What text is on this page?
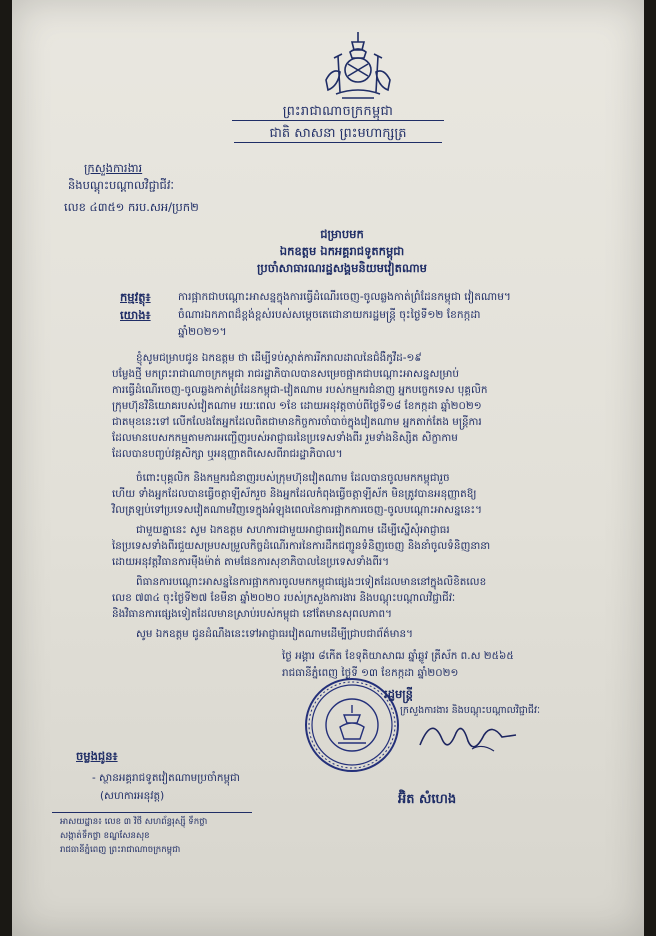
ព្រះរាជាណាចក្រកម្ពុជា
ជាតិ សាសនា ព្រះមហាក្សត្រ
ក្រសួងការងារ
និងបណ្តុះបណ្តាលវិជ្ជាជីវៈ
លេខ ៤៣៥១ ករប.សអ/ប្រក២
ជម្រាបមក
ឯកឧត្តម ឯកអគ្គរាជទូតកម្ពុជា
ប្រចាំសាធារណរដ្ឋសង្គមនិយមវៀតណាម
កម្មវត្ថុ៖	ការផ្អាកជាបណ្តោះអាសន្នក្នុងការធ្វើដំណើរចេញ-ចូលឆ្លងកាត់ព្រំដែនកម្ពុជា វៀតណាម។
យោង៖	ចំណារឯកភាពដ៏ខ្ពង់ខ្ពស់របស់សម្តេចតេជោនាយករដ្ឋមន្ត្រី ចុះថ្ងៃទី១២ ខែកក្កដា
ឆ្នាំ២០២១។
ខ្ញុំសូមជម្រាបជូន ឯកឧត្តម ថា ដើម្បីទប់ស្កាត់ការរីករាលដាលនៃជំងឺកូវីដ-១៩
បម្លែងថ្មី មកព្រះរាជាណាចក្រកម្ពុជា រាជរដ្ឋាភិបាលបានសម្រេចផ្អាកជាបណ្តោះអាសន្នសម្រាប់
ការធ្វើដំណើរចេញ-ចូលឆ្លងកាត់ព្រំដែនកម្ពុជា-វៀតណាម របស់កម្មករជំនាញ អ្នកបច្ចេកទេស បុគ្គលិក
ក្រុមហ៊ុនវិនិយោគរបស់វៀតណាម រយៈពេល ១ខែ ដោយអនុវត្តចាប់ពីថ្ងៃទី១៨ ខែកក្កដា ឆ្នាំ២០២១
ជាតមុខនេះទៅ លើកលែងតែអ្នកដែលពិតជាមានកិច្ចការចាំបាច់ក្នុងវៀតណាម អ្នកតាក់តែង មន្ត្រីការ
ដែលមានបេសកកម្មតាមការអញ្ជើញរបស់អាជ្ញាធរនៃប្រទេសទាំងពីរ រួមទាំងនិស្សិត សិក្ខាកាម
ដែលបានបញ្ចប់វគ្គសិក្សា ឬអនុញ្ញាតពិសេសពីរាជរដ្ឋាភិបាល។
ចំពោះបុគ្គលិក និងកម្មករជំនាញរបស់ក្រុមហ៊ុនវៀតណាម ដែលបានចូលមកកម្ពុជារួច
ហើយ ទាំងអ្នកដែលបានធ្វើចត្តាឡីស័ករួច និងអ្នកដែលកំពុងធ្វើចត្តាឡីស័ក មិនត្រូវបានអនុញ្ញាតឱ្យ
វិលត្រឡប់ទៅប្រទេសវៀតណាមវិញទេក្នុងអំឡុងពេលនៃការផ្អាកការចេញ-ចូលបណ្តោះអាសន្ននេះ។
ជាមួយគ្នានេះ សូម ឯកឧត្តម សហការជាមួយអាជ្ញាធរវៀតណាម ដើម្បីស្នើសុំអាជ្ញាធរ
នៃប្រទេសទាំងពីរជួយសម្របសម្រួលកិច្ចដំណើរការនៃការដឹកជញ្ជូនទំនិញចេញ និងនាំចូលទំនិញនានា
ដោយអនុវត្តវិធានការម៉ឺងម៉ាត់ តាមផែនការសុខាភិបាលនៃប្រទេសទាំងពីរ។
ពិធានការបណ្តោះអាសន្ននៃការផ្អាកការចូលមកកម្ពុជាផ្សេងៗទៀតដែលមាននៅក្នុងលិខិតលេខ
លេខ ៧៣៤ ចុះថ្ងៃទី២៧ ខែមីនា ឆ្នាំ២០២០ របស់ក្រសួងការងារ និងបណ្តុះបណ្តាលវិជ្ជាជីវៈ
និងវិធានការផ្សេងទៀតដែលមានស្រាប់របស់កម្ពុជា នៅតែមានសុពលភាព។
សូម ឯកឧត្តម ជូនដំណឹងនេះទៅអាជ្ញាធរវៀតណាមដើម្បីជ្រាបជាព័ត៌មាន។
ថ្ងៃ អង្គារ ៨កើត ខែទុតិយាសាឍ ឆ្នាំឆ្លូវ ត្រីស័ក ព.ស ២៥៦៥
រាជធានីភ្នំពេញ ថ្ងៃទី ១៣ ខែកក្កដា ឆ្នាំ២០២១
រដ្ឋមន្ត្រី
ក្រសួងការងារ និងបណ្តុះបណ្តាលវិជ្ជាជីវៈ
អ៊ិត សំហេង
ចម្លងជូន៖
- ស្ថានអគ្គរាជទូតវៀតណាមប្រចាំកម្ពុជា
(សហការអនុវត្ត)
អាសយដ្ឋាន៖ លេខ ៣ វិថី សហព័ន្ធរុស្ស៊ី ទឹកថ្លា
សង្កាត់ទឹកថ្លា ខណ្ឌសែនសុខ
រាជធានីភ្នំពេញ ព្រះរាជាណាចក្រកម្ពុជា
